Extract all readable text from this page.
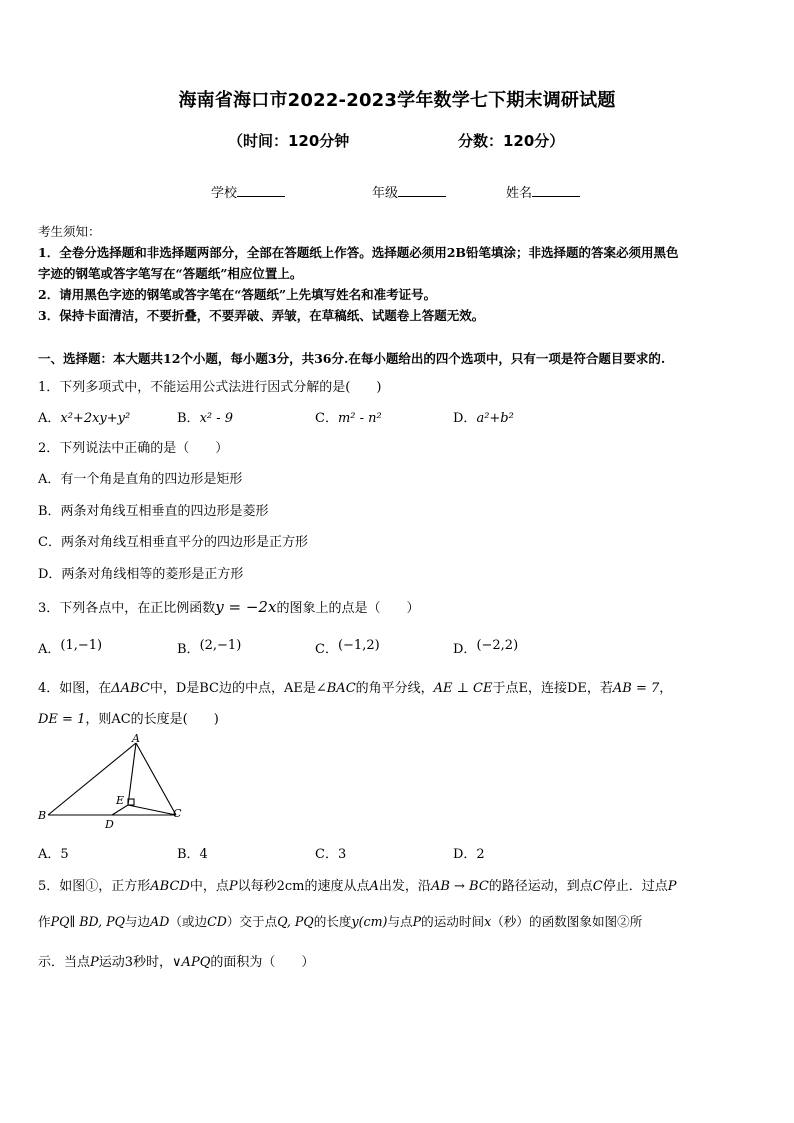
海南省海口市2022-2023学年数学七下期末调研试题
（时间：120分钟	分数：120分）
学校	年级	姓名
考生须知：
1．全卷分选择题和非选择题两部分，全部在答题纸上作答。选择题必须用2B铅笔填涂；非选择题的答案必须用黑色
字迹的钢笔或答字笔写在“答题纸”相应位置上。
2．请用黑色字迹的钢笔或答字笔在“答题纸”上先填写姓名和准考证号。
3．保持卡面清洁，不要折叠，不要弄破、弄皱，在草稿纸、试题卷上答题无效。
一、选择题：本大题共12个小题，每小题3分，共36分.在每小题给出的四个选项中，只有一项是符合题目要求的.
1．下列多项式中，不能运用公式法进行因式分解的是(　　)
A．x²+2xy+y²	B．x² - 9	C．m² - n²	D．a²+b²
2．下列说法中正确的是（　　）
A．有一个角是直角的四边形是矩形
B．两条对角线互相垂直的四边形是菱形
C．两条对角线互相垂直平分的四边形是正方形
D．两条对角线相等的菱形是正方形
3．下列各点中，在正比例函数y = −2x的图象上的点是（　　）
A．(1,−1)	B．(2,−1)	C．(−1,2)	D．(−2,2)
4．如图，在ΔABC中，D是BC边的中点，AE是∠BAC的角平分线，AE ⊥ CE于点E，连接DE，若AB = 7，
DE = 1，则AC的长度是(　　)
A
B	C
D
E
A．5	B．4	C．3	D．2
5．如图①，正方形ABCD中，点P以每秒2cm的速度从点A出发，沿AB → BC的路径运动，到点C停止．过点P
作PQ∥ BD, PQ与边AD（或边CD）交于点Q, PQ的长度y(cm)与点P的运动时间x（秒）的函数图象如图②所
示．当点P运动3秒时，∨APQ的面积为（　　）
